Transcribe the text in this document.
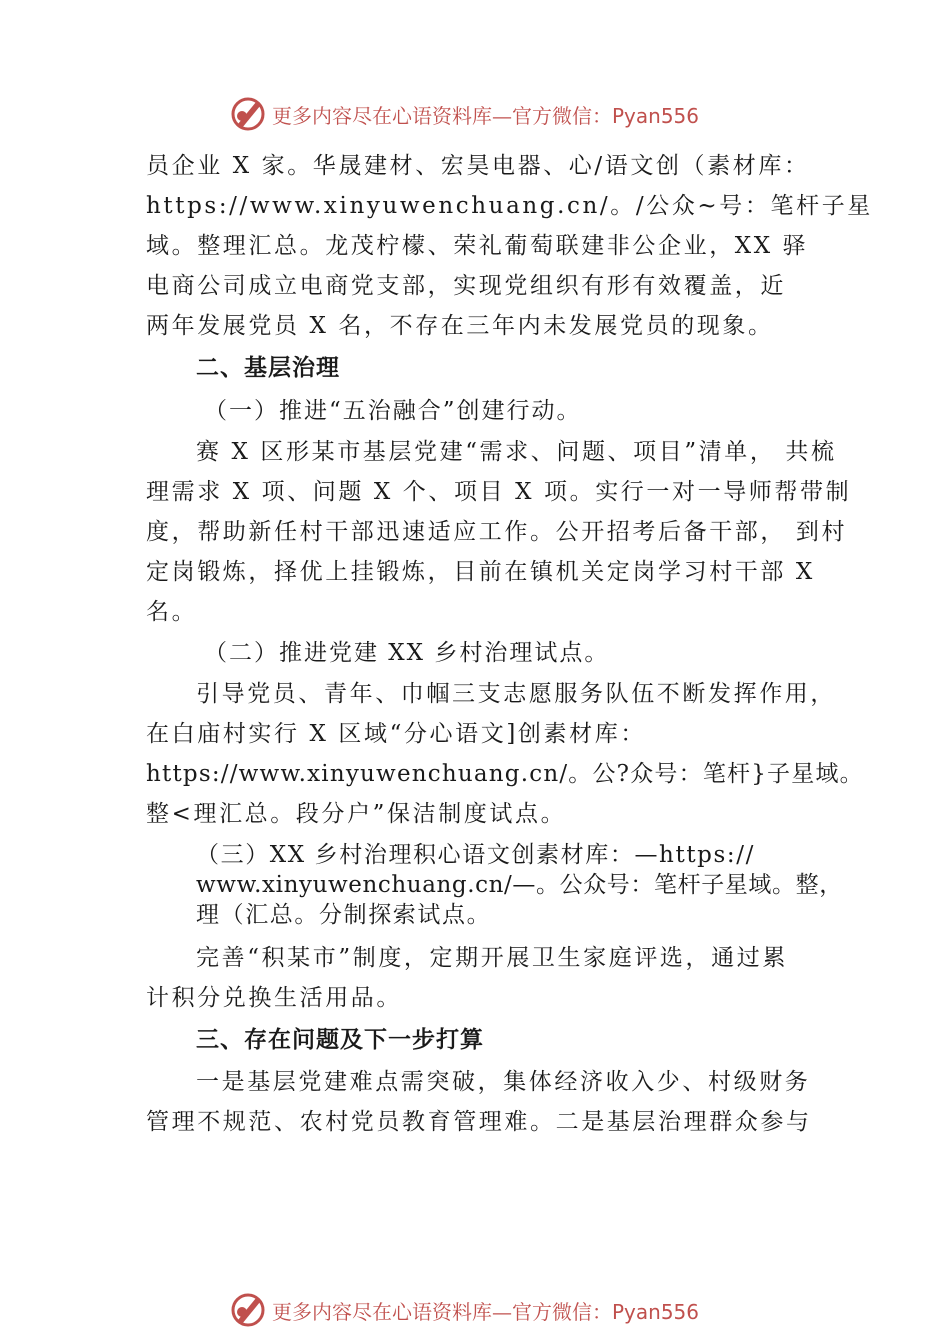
更多内容尽在心语资料库—官方微信：Pyan556

员企业 X 家。华晟建材、宏昊电器、心/语文创（素材库：

https://www.xinyuwenchuang.cn/。/公众~号：笔杆子星

域。整理汇总。龙茂柠檬、荣礼葡萄联建非公企业，XX 驿

电商公司成立电商党支部，实现党组织有形有效覆盖，近

两年发展党员 X 名，不存在三年内未发展党员的现象。

二、基层治理

（一）推进“五治融合”创建行动。

赛 X 区形某市基层党建“需求、问题、项目”清单， 共梳

理需求 X 项、问题 X 个、项目 X 项。实行一对一导师帮带制

度，帮助新任村干部迅速适应工作。公开招考后备干部， 到村

定岗锻炼，择优上挂锻炼，目前在镇机关定岗学习村干部 X

名。

（二）推进党建 XX 乡村治理试点。

引导党员、青年、巾帼三支志愿服务队伍不断发挥作用，

在白庙村实行 X 区域“分心语文]创素材库：

https://www.xinyuwenchuang.cn/。公?众号：笔杆}子星域。

整<理汇总。段分户”保洁制度试点。

（三）XX 乡村治理积心语文创素材库：—https://

www.xinyuwenchuang.cn/—。公众号：笔杆子星域。整，

理（汇总。分制探索试点。

完善“积某市”制度，定期开展卫生家庭评选，通过累

计积分兑换生活用品。

三、存在问题及下一步打算

一是基层党建难点需突破，集体经济收入少、村级财务

管理不规范、农村党员教育管理难。二是基层治理群众参与

更多内容尽在心语资料库—官方微信：Pyan556
